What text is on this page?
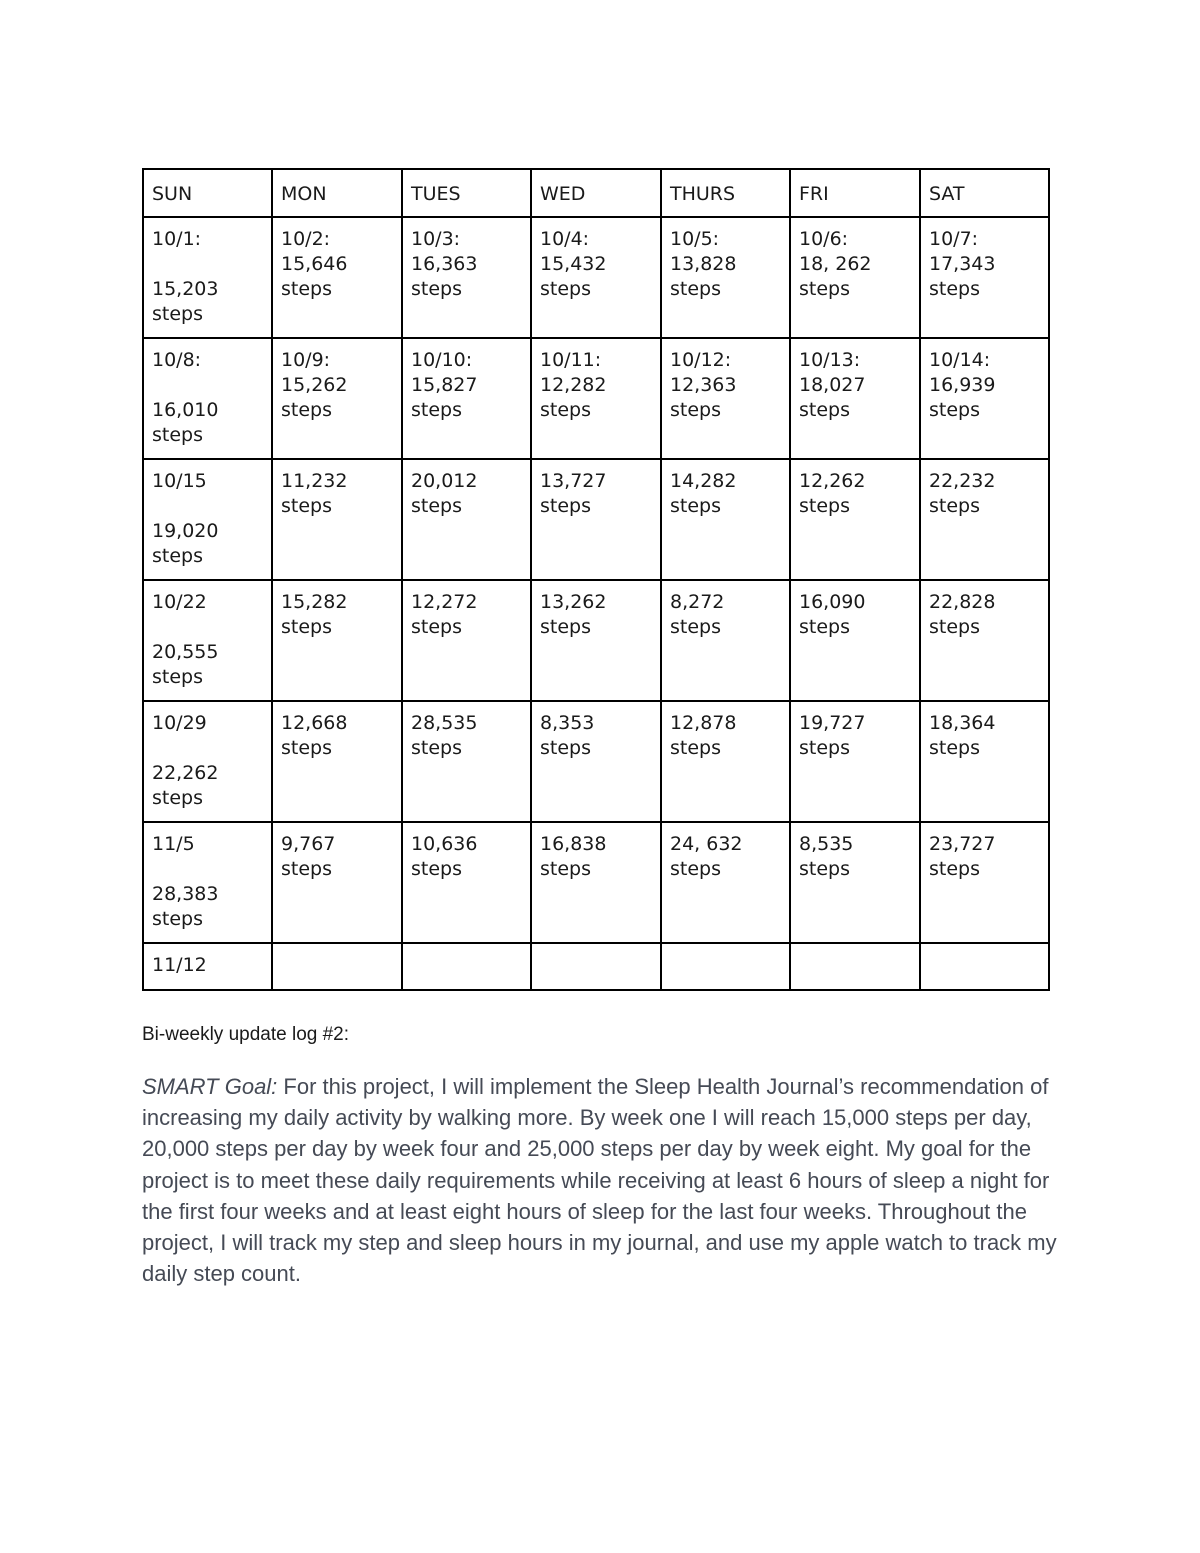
SUN	MON	TUES	WED	THURS	FRI	SAT
10/1:

15,203
steps	10/2:
15,646
steps	10/3:
16,363
steps	10/4:
15,432
steps	10/5:
13,828
steps	10/6:
18, 262
steps	10/7:
17,343
steps
10/8:

16,010
steps	10/9:
15,262
steps	10/10:
15,827
steps	10/11:
12,282
steps	10/12:
12,363
steps	10/13:
18,027
steps	10/14:
16,939
steps
10/15

19,020
steps	11,232
steps	20,012
steps	13,727
steps	14,282
steps	12,262
steps	22,232
steps
10/22

20,555
steps	15,282
steps	12,272
steps	13,262
steps	8,272
steps	16,090
steps	22,828
steps
10/29

22,262
steps	12,668
steps	28,535
steps	8,353
steps	12,878
steps	19,727
steps	18,364
steps
11/5

28,383
steps	9,767
steps	10,636
steps	16,838
steps	24, 632
steps	8,535
steps	23,727
steps
11/12						

Bi-weekly update log #2:

SMART Goal: For this project, I will implement the Sleep Health Journal’s recommendation of increasing my daily activity by walking more. By week one I will reach 15,000 steps per day, 20,000 steps per day by week four and 25,000 steps per day by week eight. My goal for the project is to meet these daily requirements while receiving at least 6 hours of sleep a night for the first four weeks and at least eight hours of sleep for the last four weeks. Throughout the project, I will track my step and sleep hours in my journal, and use my apple watch to track my daily step count.
